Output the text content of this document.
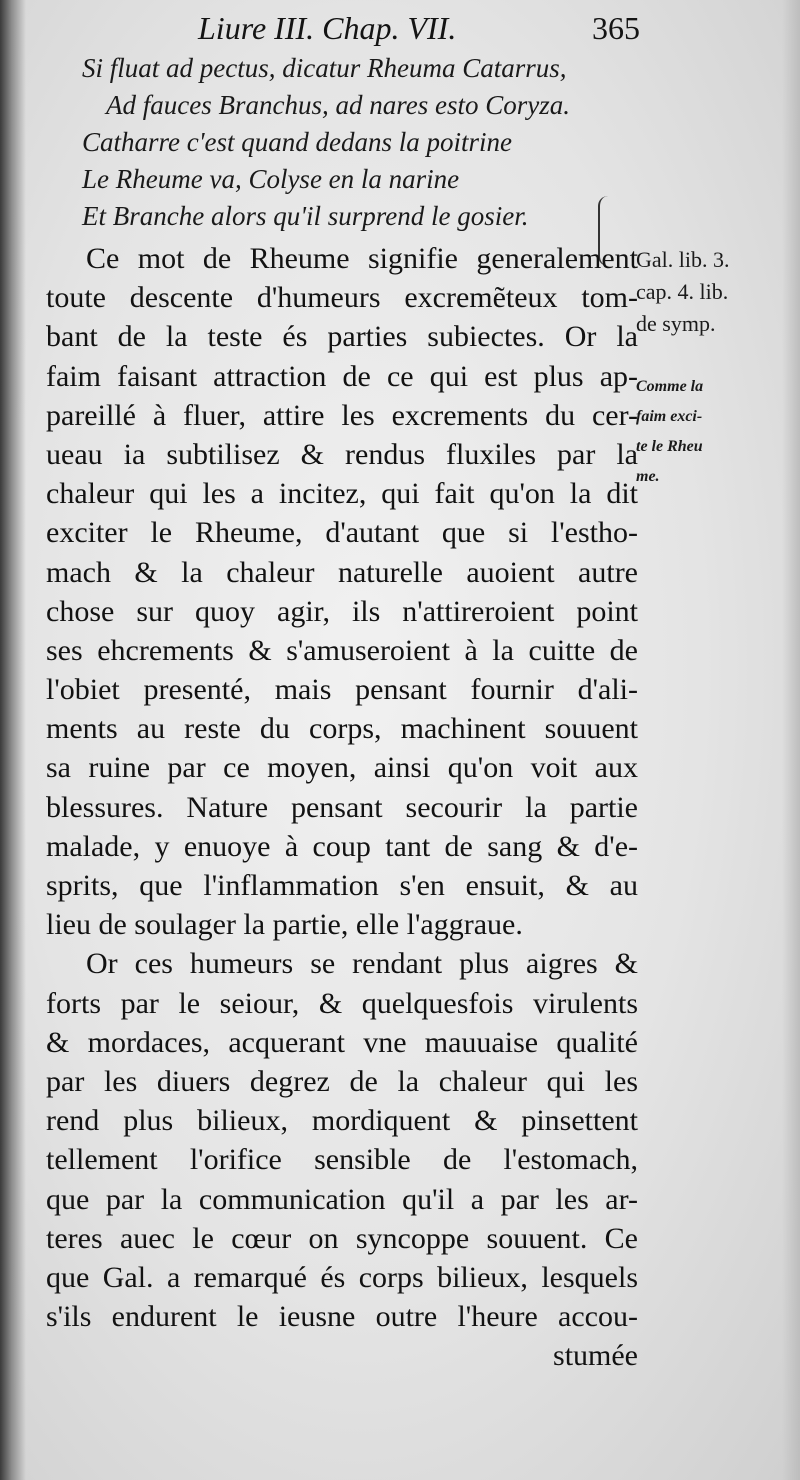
Liure III. Chap. VII.	365
Si fluat ad pectus, dicatur Rheuma Catarrus,
Ad fauces Branchus, ad nares esto Coryza.
Catharre c'est quand dedans la poitrine
Le Rheume va, Colyse en la narine
Et Branche alors qu'il surprend le gosier.
Ce mot de Rheume signifie generalement
toute descente d'humeurs excremẽteux tom-
bant de la teste és parties subiectes. Or la
faim faisant attraction de ce qui est plus ap-
pareillé à fluer, attire les excrements du cer-
ueau ia subtilisez & rendus fluxiles par la
chaleur qui les a incitez, qui fait qu'on la dit
exciter le Rheume, d'autant que si l'estho-
mach & la chaleur naturelle auoient autre
chose sur quoy agir, ils n'attireroient point
ses ehcrements & s'amuseroient à la cuitte de
l'obiet presenté, mais pensant fournir d'ali-
ments au reste du corps, machinent souuent
sa ruine par ce moyen, ainsi qu'on voit aux
blessures. Nature pensant secourir la partie
malade, y enuoye à coup tant de sang & d'e-
sprits, que l'inflammation s'en ensuit, & au
lieu de soulager la partie, elle l'aggraue.
Or ces humeurs se rendant plus aigres &
forts par le seiour, & quelquesfois virulents
& mordaces, acquerant vne mauuaise qualité
par les diuers degrez de la chaleur qui les
rend plus bilieux, mordiquent & pinsettent
tellement l'orifice sensible de l'estomach,
que par la communication qu'il a par les ar-
teres auec le cœur on syncoppe souuent. Ce
que Gal. a remarqué és corps bilieux, lesquels
s'ils endurent le ieusne outre l'heure accou-
stumée
Gal. lib. 3.
cap. 4. lib.
de symp.
Comme la
faim exci-
te le Rheu
me.
